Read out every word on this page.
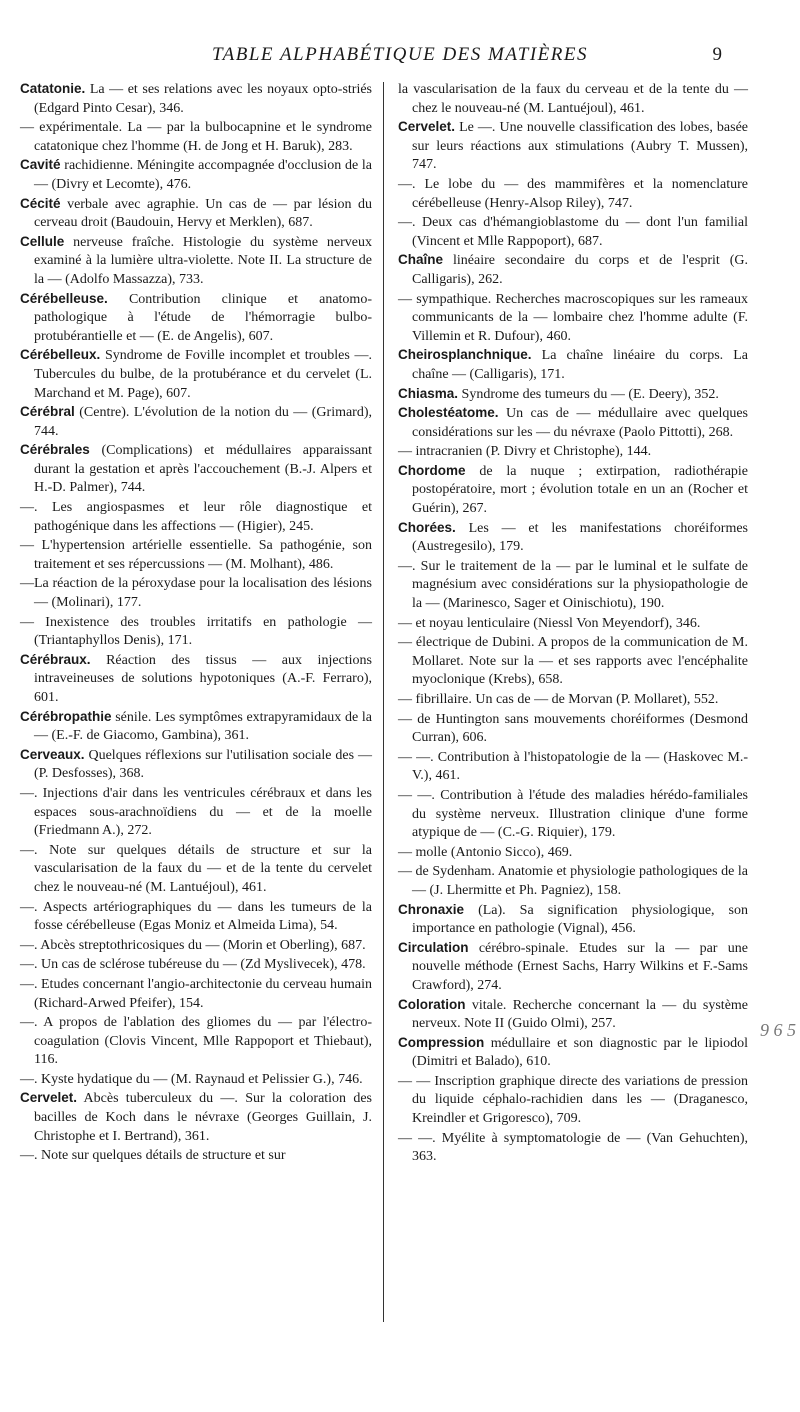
TABLE ALPHABÉTIQUE DES MATIÈRES	9

Catatonie. La — et ses relations avec les noyaux opto-striés (Edgard Pinto Cesar), 346.

— expérimentale. La — par la bulbocapnine et le syndrome catatonique chez l'homme (H. de Jong et H. Baruk), 283.

Cavité rachidienne. Méningite accompagnée d'occlusion de la — (Divry et Lecomte), 476.

Cécité verbale avec agraphie. Un cas de — par lésion du cerveau droit (Baudouin, Hervy et Merklen), 687.

Cellule nerveuse fraîche. Histologie du système nerveux examiné à la lumière ultra-violette. Note II. La structure de la — (Adolfo Massazza), 733.

Cérébelleuse. Contribution clinique et anatomo-pathologique à l'étude de l'hémorragie bulbo-protubérantielle et — (E. de Angelis), 607.

Cérébelleux. Syndrome de Foville incomplet et troubles —. Tubercules du bulbe, de la protubérance et du cervelet (L. Marchand et M. Page), 607.

Cérébral (Centre). L'évolution de la notion du — (Grimard), 744.

Cérébrales (Complications) et médullaires apparaissant durant la gestation et après l'accouchement (B.-J. Alpers et H.-D. Palmer), 744.

—. Les angiospasmes et leur rôle diagnostique et pathogénique dans les affections — (Higier), 245.

— L'hypertension artérielle essentielle. Sa pathogénie, son traitement et ses répercussions — (M. Molhant), 486.

—La réaction de la péroxydase pour la localisation des lésions — (Molinari), 177.

— Inexistence des troubles irritatifs en pathologie — (Triantaphyllos Denis), 171.

Cérébraux. Réaction des tissus — aux injections intraveineuses de solutions hypotoniques (A.-F. Ferraro), 601.

Cérébropathie sénile. Les symptômes extrapyramidaux de la — (E.-F. de Giacomo, Gambina), 361.

Cerveaux. Quelques réflexions sur l'utilisation sociale des — (P. Desfosses), 368.

—. Injections d'air dans les ventricules cérébraux et dans les espaces sous-arachnoïdiens du — et de la moelle (Friedmann A.), 272.

—. Note sur quelques détails de structure et sur la vascularisation de la faux du — et de la tente du cervelet chez le nouveau-né (M. Lantuéjoul), 461.

—. Aspects artériographiques du — dans les tumeurs de la fosse cérébelleuse (Egas Moniz et Almeida Lima), 54.

—. Abcès streptothricosiques du — (Morin et Oberling), 687.

—. Un cas de sclérose tubéreuse du — (Zd Myslivecek), 478.

—. Etudes concernant l'angio-architectonie du cerveau humain (Richard-Arwed Pfeifer), 154.

—. A propos de l'ablation des gliomes du — par l'électro-coagulation (Clovis Vincent, Mlle Rappoport et Thiebaut), 116.

—. Kyste hydatique du — (M. Raynaud et Pelissier G.), 746.

Cervelet. Abcès tuberculeux du —. Sur la coloration des bacilles de Koch dans le névraxe (Georges Guillain, J. Christophe et I. Bertrand), 361.

—. Note sur quelques détails de structure et sur

la vascularisation de la faux du cerveau et de la tente du — chez le nouveau-né (M. Lantuéjoul), 461.

Cervelet. Le —. Une nouvelle classification des lobes, basée sur leurs réactions aux stimulations (Aubry T. Mussen), 747.

—. Le lobe du — des mammifères et la nomenclature cérébelleuse (Henry-Alsop Riley), 747.

—. Deux cas d'hémangioblastome du — dont l'un familial (Vincent et Mlle Rappoport), 687.

Chaîne linéaire secondaire du corps et de l'esprit (G. Calligaris), 262.

— sympathique. Recherches macroscopiques sur les rameaux communicants de la — lombaire chez l'homme adulte (F. Villemin et R. Dufour), 460.

Cheirosplanchnique. La chaîne linéaire du corps. La chaîne — (Calligaris), 171.

Chiasma. Syndrome des tumeurs du — (E. Deery), 352.

Cholestéatome. Un cas de — médullaire avec quelques considérations sur les — du névraxe (Paolo Pittotti), 268.

— intracranien (P. Divry et Christophe), 144.

Chordome de la nuque ; extirpation, radiothérapie postopératoire, mort ; évolution totale en un an (Rocher et Guérin), 267.

Chorées. Les — et les manifestations choréiformes (Austregesilo), 179.

—. Sur le traitement de la — par le luminal et le sulfate de magnésium avec considérations sur la physiopathologie de la — (Marinesco, Sager et Oinischiotu), 190.

— et noyau lenticulaire (Niessl Von Meyendorf), 346.

— électrique de Dubini. A propos de la communication de M. Mollaret. Note sur la — et ses rapports avec l'encéphalite myoclonique (Krebs), 658.

— fibrillaire. Un cas de — de Morvan (P. Mollaret), 552.

— de Huntington sans mouvements choréiformes (Desmond Curran), 606.

— —. Contribution à l'histopatologie de la — (Haskovec M.-V.), 461.

— —. Contribution à l'étude des maladies hérédo-familiales du système nerveux. Illustration clinique d'une forme atypique de — (C.-G. Riquier), 179.

— molle (Antonio Sicco), 469.

— de Sydenham. Anatomie et physiologie pathologiques de la — (J. Lhermitte et Ph. Pagniez), 158.

Chronaxie (La). Sa signification physiologique, son importance en pathologie (Vignal), 456.

Circulation cérébro-spinale. Etudes sur la — par une nouvelle méthode (Ernest Sachs, Harry Wilkins et F.-Sams Crawford), 274.

Coloration vitale. Recherche concernant la — du système nerveux. Note II (Guido Olmi), 257.

Compression médullaire et son diagnostic par le lipiodol (Dimitri et Balado), 610.

— — Inscription graphique directe des variations de pression du liquide céphalo-rachidien dans les — (Draganesco, Kreindler et Grigoresco), 709.

— —. Myélite à symptomatologie de — (Van Gehuchten), 363.

9 6 5
